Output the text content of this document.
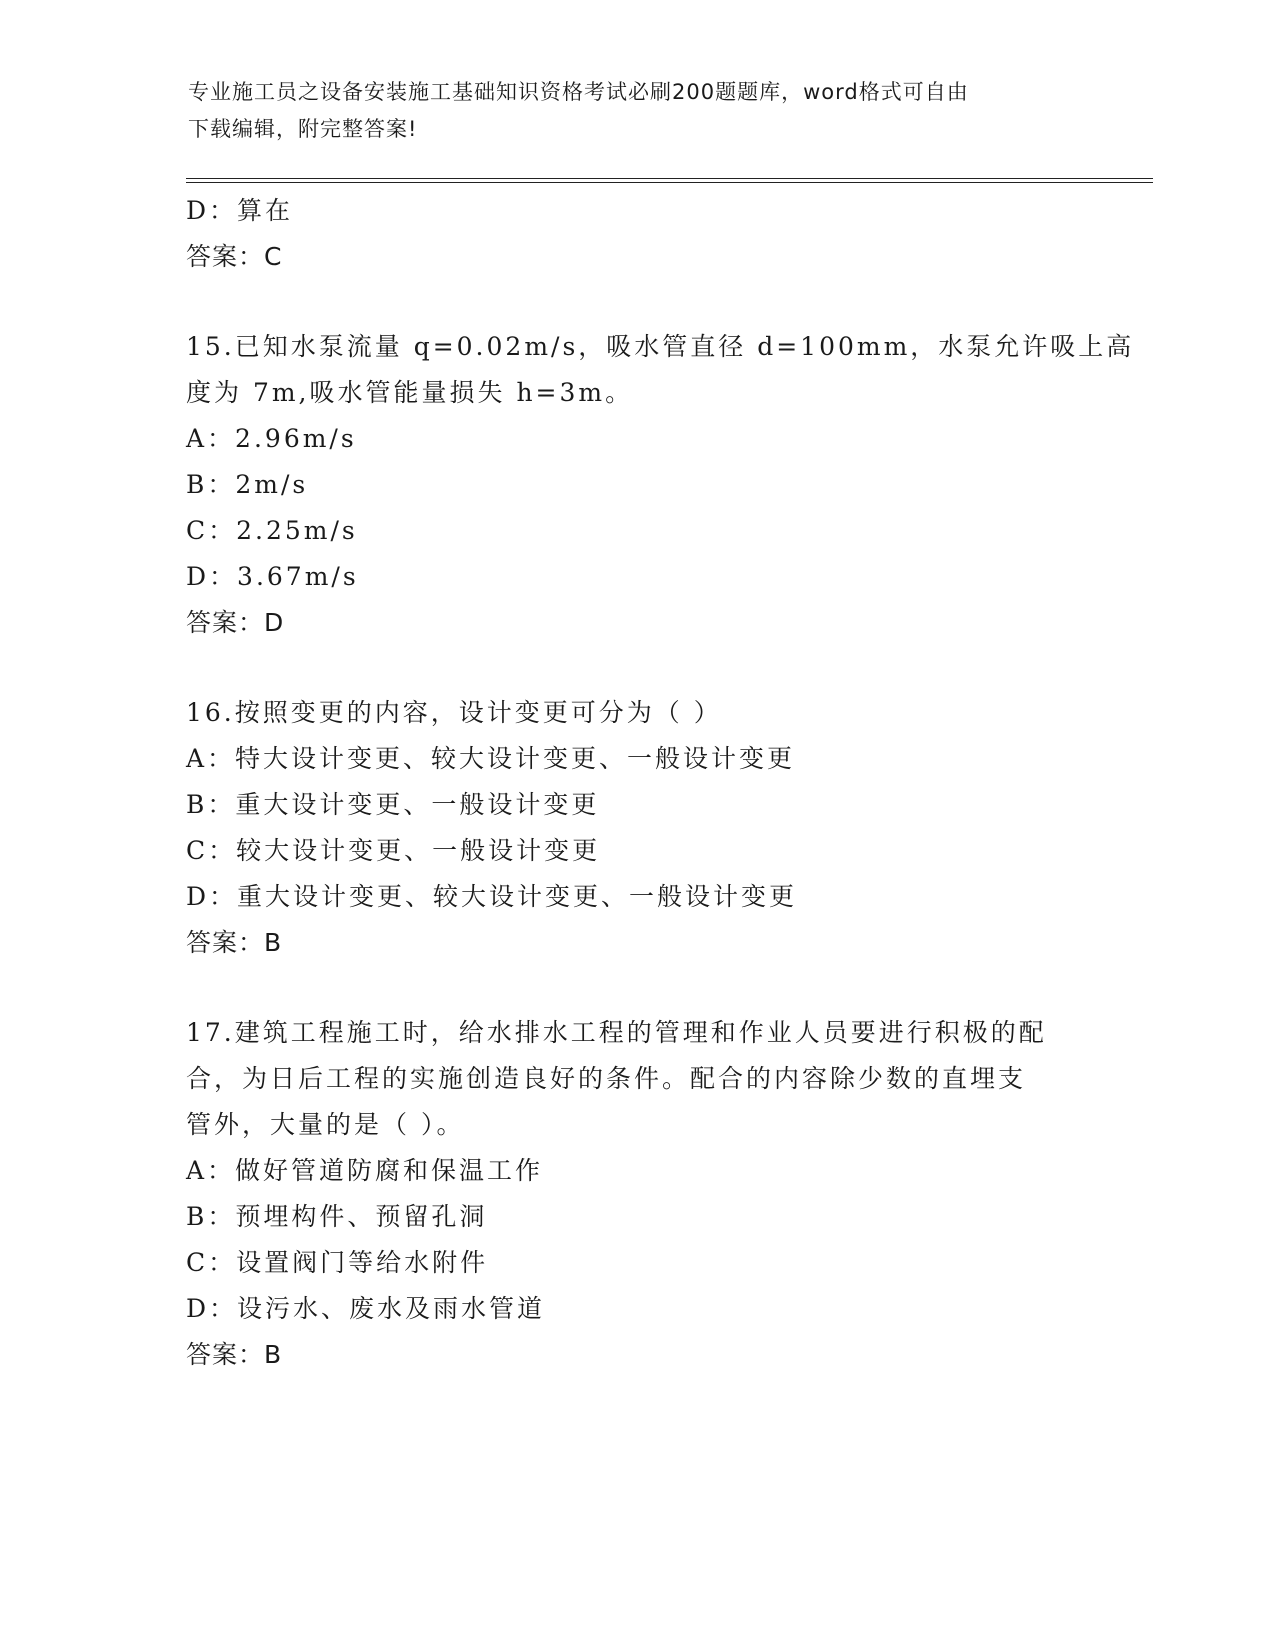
专业施工员之设备安装施工基础知识资格考试必刷200题题库，word格式可自由
下载编辑，附完整答案!
D：算在
答案：C
15.已知水泵流量 q=0.02m/s，吸水管直径 d=100mm，水泵允许吸上高
度为 7m,吸水管能量损失 h=3m。
A：2.96m/s
B：2m/s
C：2.25m/s
D：3.67m/s
答案：D
16.按照变更的内容，设计变更可分为（ ）
A：特大设计变更、较大设计变更、一般设计变更
B：重大设计变更、一般设计变更
C：较大设计变更、一般设计变更
D：重大设计变更、较大设计变更、一般设计变更
答案：B
17.建筑工程施工时，给水排水工程的管理和作业人员要进行积极的配
合，为日后工程的实施创造良好的条件。配合的内容除少数的直埋支
管外，大量的是（ ）。
A：做好管道防腐和保温工作
B：预埋构件、预留孔洞
C：设置阀门等给水附件
D：设污水、废水及雨水管道
答案：B
